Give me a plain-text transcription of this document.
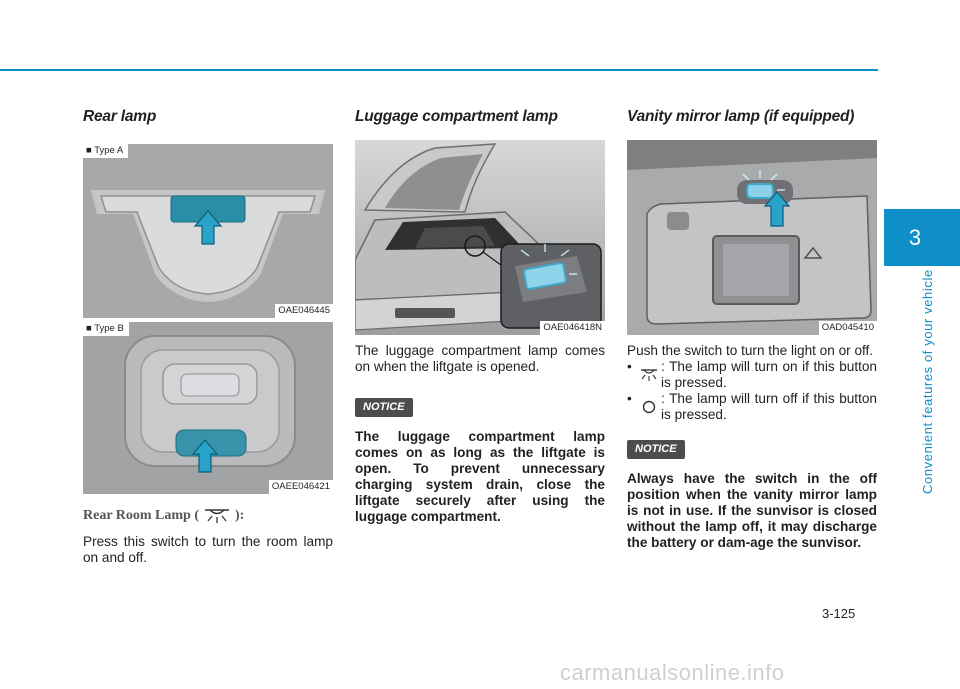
3
Convenient features of your vehicle
Rear lamp
■ Type A
OAE046445
■ Type B
OAEE046421
Rear Room Lamp (	):

Press this switch to turn the room lamp on and off.

Luggage compartment lamp
OAE046418N

The luggage compartment lamp comes on when the liftgate is opened.

NOTICE

The luggage compartment lamp comes on as long as the liftgate is open. To prevent unnecessary charging system drain, close the liftgate securely after using the luggage compartment.

Vanity mirror lamp (if equipped)
OAD045410

Push the switch to turn the light on or off.

•	: The lamp will turn on if this button is pressed.
•	: The lamp will turn off if this button is pressed.
NOTICE

Always have the switch in the off position when the vanity mirror lamp is not in use. If the sunvisor is closed without the lamp off, it may discharge the battery or dam-age the sunvisor.

3-125
carmanualsonline.info
